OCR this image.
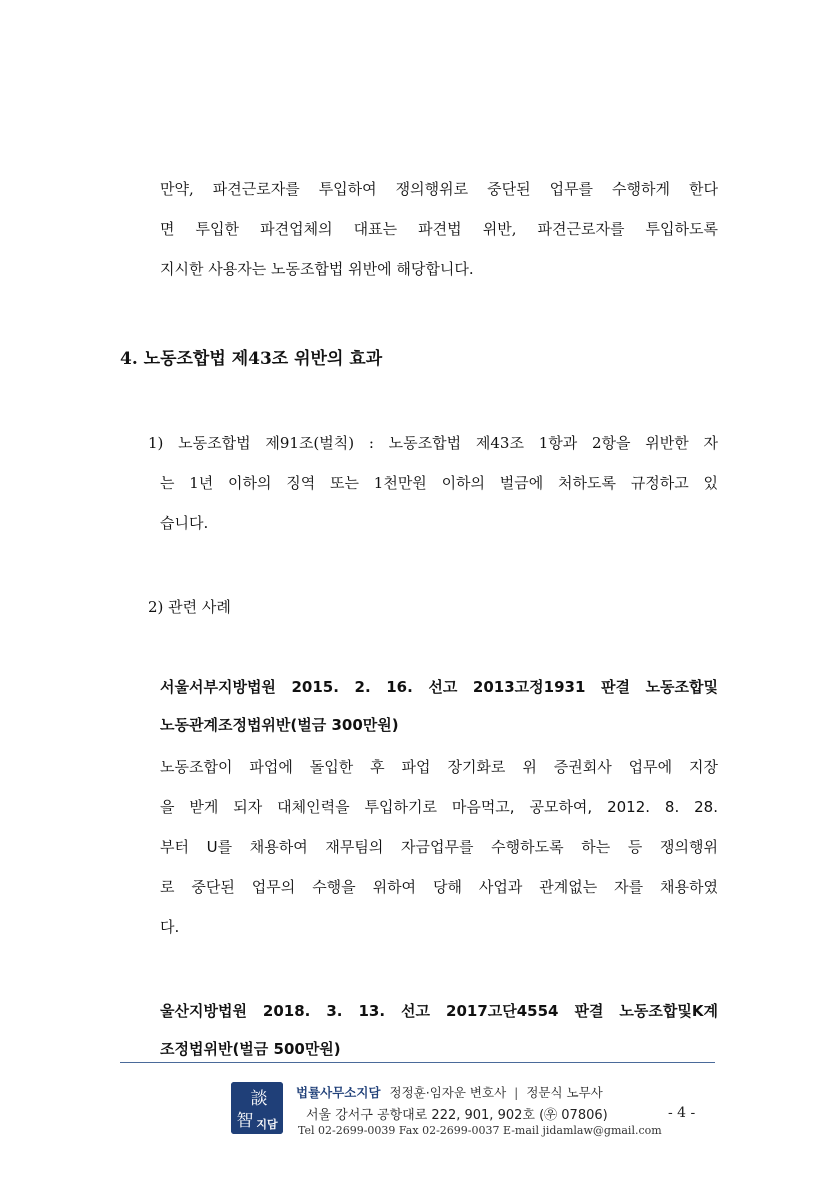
만약, 파견근로자를 투입하여 쟁의행위로 중단된 업무를 수행하게 한다
면 투입한 파견업체의 대표는 파견법 위반, 파견근로자를 투입하도록
지시한 사용자는 노동조합법 위반에 해당합니다.
4. 노동조합법 제43조 위반의 효과
1) 노동조합법 제91조(벌칙) : 노동조합법 제43조 1항과 2항을 위반한 자
는 1년 이하의 징역 또는 1천만원 이하의 벌금에 처하도록 규정하고 있
습니다.
2) 관련 사례
서울서부지방법원 2015. 2. 16. 선고 2013고정1931 판결 노동조합및
노동관계조정법위반(벌금 300만원)
노동조합이 파업에 돌입한 후 파업 장기화로 위 증권회사 업무에 지장
을 받게 되자 대체인력을 투입하기로 마음먹고, 공모하여, 2012. 8. 28.
부터 U를 채용하여 재무팀의 자금업무를 수행하도록 하는 등 쟁의행위
로 중단된 업무의 수행을 위하여 당해 사업과 관계없는 자를 채용하였
다.
울산지방법원 2018. 3. 13. 선고 2017고단4554 판결 노동조합및K계
조정법위반(벌금 500만원)
談
智 지담
법률사무소지담 정정훈·임자운 변호사 | 정문식 노무사
서울 강서구 공항대로 222, 901, 902호 (㉾ 07806)
Tel 02-2699-0039 Fax 02-2699-0037 E-mail jidamlaw@gmail.com
- 4 -
